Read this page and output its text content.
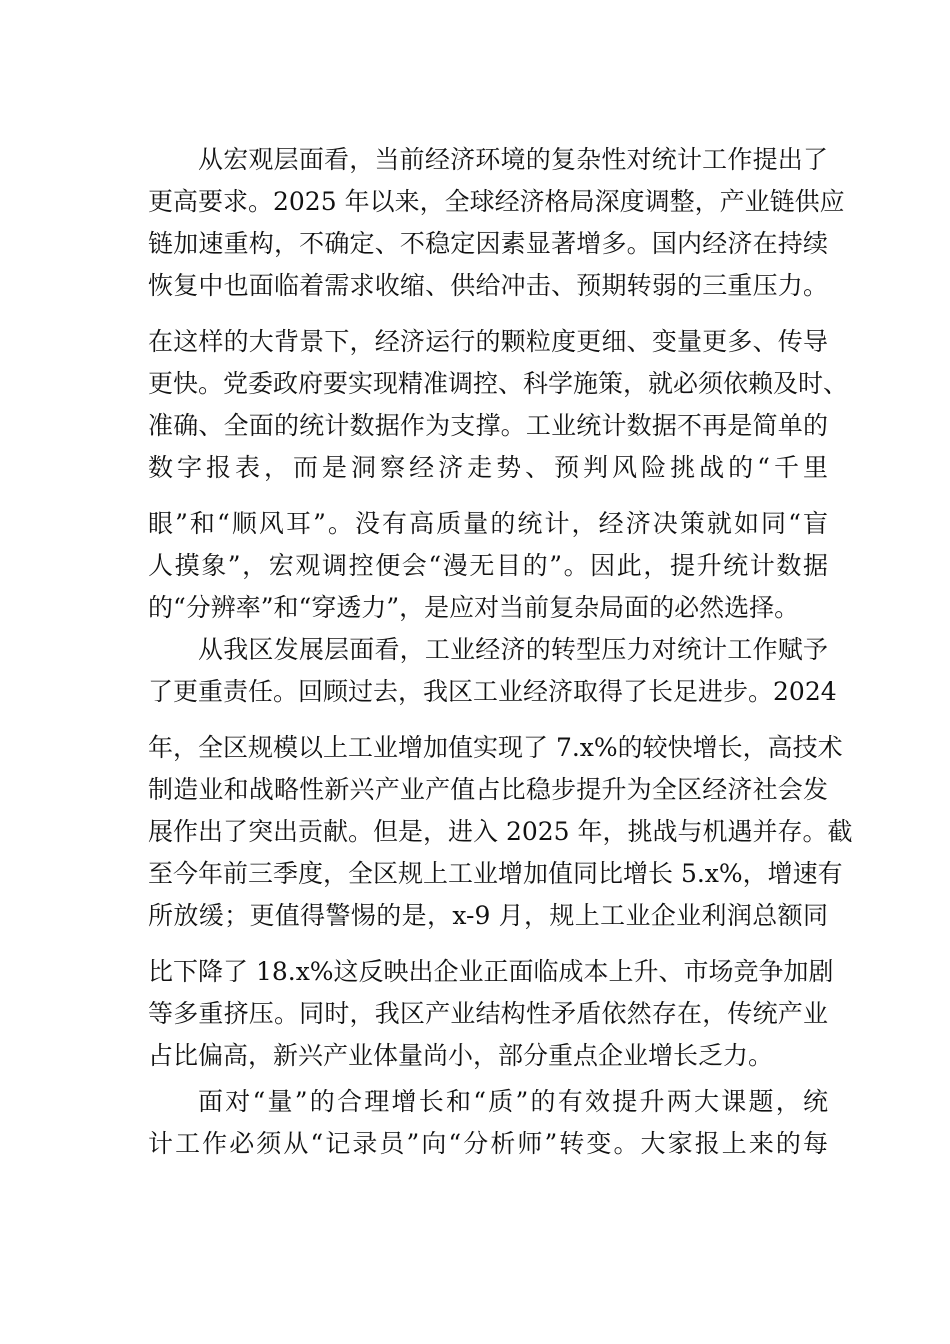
从宏观层面看，当前经济环境的复杂性对统计工作提出了
更高要求。2025 年以来，全球经济格局深度调整，产业链供应
链加速重构，不确定、不稳定因素显著增多。国内经济在持续
恢复中也面临着需求收缩、供给冲击、预期转弱的三重压力。
在这样的大背景下，经济运行的颗粒度更细、变量更多、传导
更快。党委政府要实现精准调控、科学施策，就必须依赖及时、
准确、全面的统计数据作为支撑。工业统计数据不再是简单的
数字报表，而是洞察经济走势、预判风险挑战的“千里
眼”和“顺风耳”。没有高质量的统计，经济决策就如同“盲
人摸象”，宏观调控便会“漫无目的”。因此，提升统计数据
的“分辨率”和“穿透力”，是应对当前复杂局面的必然选择。
从我区发展层面看，工业经济的转型压力对统计工作赋予
了更重责任。回顾过去，我区工业经济取得了长足进步。2024
年，全区规模以上工业增加值实现了 7.x%的较快增长，高技术
制造业和战略性新兴产业产值占比稳步提升为全区经济社会发
展作出了突出贡献。但是，进入 2025 年，挑战与机遇并存。截
至今年前三季度，全区规上工业增加值同比增长 5.x%，增速有
所放缓；更值得警惕的是，x-9 月，规上工业企业利润总额同
比下降了 18.x%这反映出企业正面临成本上升、市场竞争加剧
等多重挤压。同时，我区产业结构性矛盾依然存在，传统产业
占比偏高，新兴产业体量尚小，部分重点企业增长乏力。
面对“量”的合理增长和“质”的有效提升两大课题，统
计工作必须从“记录员”向“分析师”转变。大家报上来的每
